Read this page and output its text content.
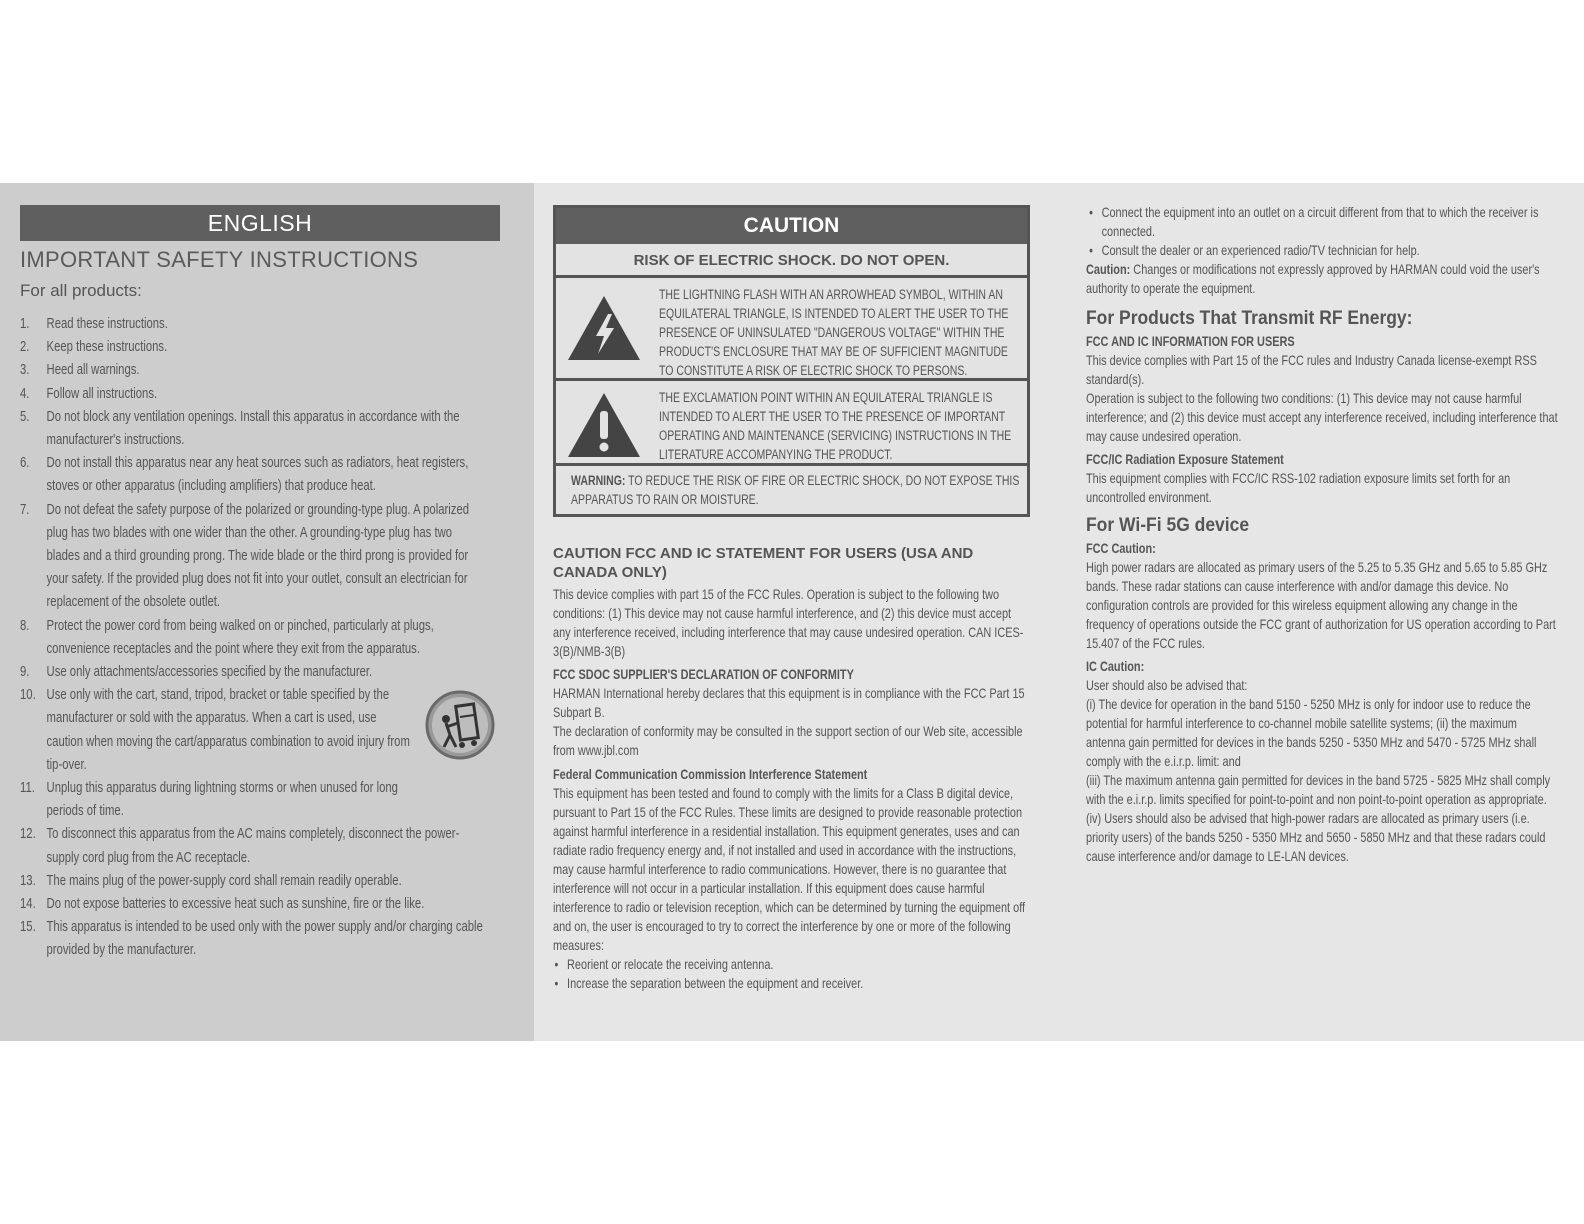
ENGLISH
IMPORTANT SAFETY INSTRUCTIONS
For all products:
1. Read these instructions.
2. Keep these instructions.
3. Heed all warnings.
4. Follow all instructions.
5. Do not block any ventilation openings. Install this apparatus in accordance with the manufacturer's instructions.
6. Do not install this apparatus near any heat sources such as radiators, heat registers, stoves or other apparatus (including amplifiers) that produce heat.
7. Do not defeat the safety purpose of the polarized or grounding-type plug. A polarized plug has two blades with one wider than the other. A grounding-type plug has two blades and a third grounding prong. The wide blade or the third prong is provided for your safety. If the provided plug does not fit into your outlet, consult an electrician for replacement of the obsolete outlet.
8. Protect the power cord from being walked on or pinched, particularly at plugs, convenience receptacles and the point where they exit from the apparatus.
9. Use only attachments/accessories specified by the manufacturer.
10. Use only with the cart, stand, tripod, bracket or table specified by the manufacturer or sold with the apparatus. When a cart is used, use caution when moving the cart/apparatus combination to avoid injury from tip-over.
11. Unplug this apparatus during lightning storms or when unused for long periods of time.
12. To disconnect this apparatus from the AC mains completely, disconnect the power-supply cord plug from the AC receptacle.
13. The mains plug of the power-supply cord shall remain readily operable.
14. Do not expose batteries to excessive heat such as sunshine, fire or the like.
15. This apparatus is intended to be used only with the power supply and/or charging cable provided by the manufacturer.
CAUTION
RISK OF ELECTRIC SHOCK. DO NOT OPEN.
THE LIGHTNING FLASH WITH AN ARROWHEAD SYMBOL, WITHIN AN EQUILATERAL TRIANGLE, IS INTENDED TO ALERT THE USER TO THE PRESENCE OF UNINSULATED "DANGEROUS VOLTAGE" WITHIN THE PRODUCT'S ENCLOSURE THAT MAY BE OF SUFFICIENT MAGNITUDE TO CONSTITUTE A RISK OF ELECTRIC SHOCK TO PERSONS.
THE EXCLAMATION POINT WITHIN AN EQUILATERAL TRIANGLE IS INTENDED TO ALERT THE USER TO THE PRESENCE OF IMPORTANT OPERATING AND MAINTENANCE (SERVICING) INSTRUCTIONS IN THE LITERATURE ACCOMPANYING THE PRODUCT.
WARNING: TO REDUCE THE RISK OF FIRE OR ELECTRIC SHOCK, DO NOT EXPOSE THIS APPARATUS TO RAIN OR MOISTURE.
CAUTION FCC AND IC STATEMENT FOR USERS (USA AND CANADA ONLY)

This device complies with part 15 of the FCC Rules. Operation is subject to the following two conditions: (1) This device may not cause harmful interference, and (2) this device must accept any interference received, including interference that may cause undesired operation. CAN ICES-3(B)/NMB-3(B)

FCC SDOC SUPPLIER'S DECLARATION OF CONFORMITY

HARMAN International hereby declares that this equipment is in compliance with the FCC Part 15 Subpart B.

The declaration of conformity may be consulted in the support section of our Web site, accessible from www.jbl.com

Federal Communication Commission Interference Statement

This equipment has been tested and found to comply with the limits for a Class B digital device, pursuant to Part 15 of the FCC Rules. These limits are designed to provide reasonable protection against harmful interference in a residential installation. This equipment generates, uses and can radiate radio frequency energy and, if not installed and used in accordance with the instructions, may cause harmful interference to radio communications. However, there is no guarantee that interference will not occur in a particular installation. If this equipment does cause harmful interference to radio or television reception, which can be determined by turning the equipment off and on, the user is encouraged to try to correct the interference by one or more of the following measures:

• Reorient or relocate the receiving antenna.
• Increase the separation between the equipment and receiver.
• Connect the equipment into an outlet on a circuit different from that to which the receiver is connected.
• Consult the dealer or an experienced radio/TV technician for help.

Caution: Changes or modifications not expressly approved by HARMAN could void the user's authority to operate the equipment.

For Products That Transmit RF Energy:

FCC AND IC INFORMATION FOR USERS

This device complies with Part 15 of the FCC rules and Industry Canada license-exempt RSS standard(s).

Operation is subject to the following two conditions: (1) This device may not cause harmful interference; and (2) this device must accept any interference received, including interference that may cause undesired operation.

FCC/IC Radiation Exposure Statement

This equipment complies with FCC/IC RSS-102 radiation exposure limits set forth for an uncontrolled environment.

For Wi-Fi 5G device

FCC Caution:

High power radars are allocated as primary users of the 5.25 to 5.35 GHz and 5.65 to 5.85 GHz bands. These radar stations can cause interference with and/or damage this device. No configuration controls are provided for this wireless equipment allowing any change in the frequency of operations outside the FCC grant of authorization for US operation according to Part 15.407 of the FCC rules.

IC Caution:

User should also be advised that:

(i) The device for operation in the band 5150 - 5250 MHz is only for indoor use to reduce the potential for harmful interference to co-channel mobile satellite systems; (ii) the maximum antenna gain permitted for devices in the bands 5250 - 5350 MHz and 5470 - 5725 MHz shall comply with the e.i.r.p. limit: and

(iii) The maximum antenna gain permitted for devices in the band 5725 - 5825 MHz shall comply with the e.i.r.p. limits specified for point-to-point and non point-to-point operation as appropriate.

(iv) Users should also be advised that high-power radars are allocated as primary users (i.e. priority users) of the bands 5250 - 5350 MHz and 5650 - 5850 MHz and that these radars could cause interference and/or damage to LE-LAN devices.
